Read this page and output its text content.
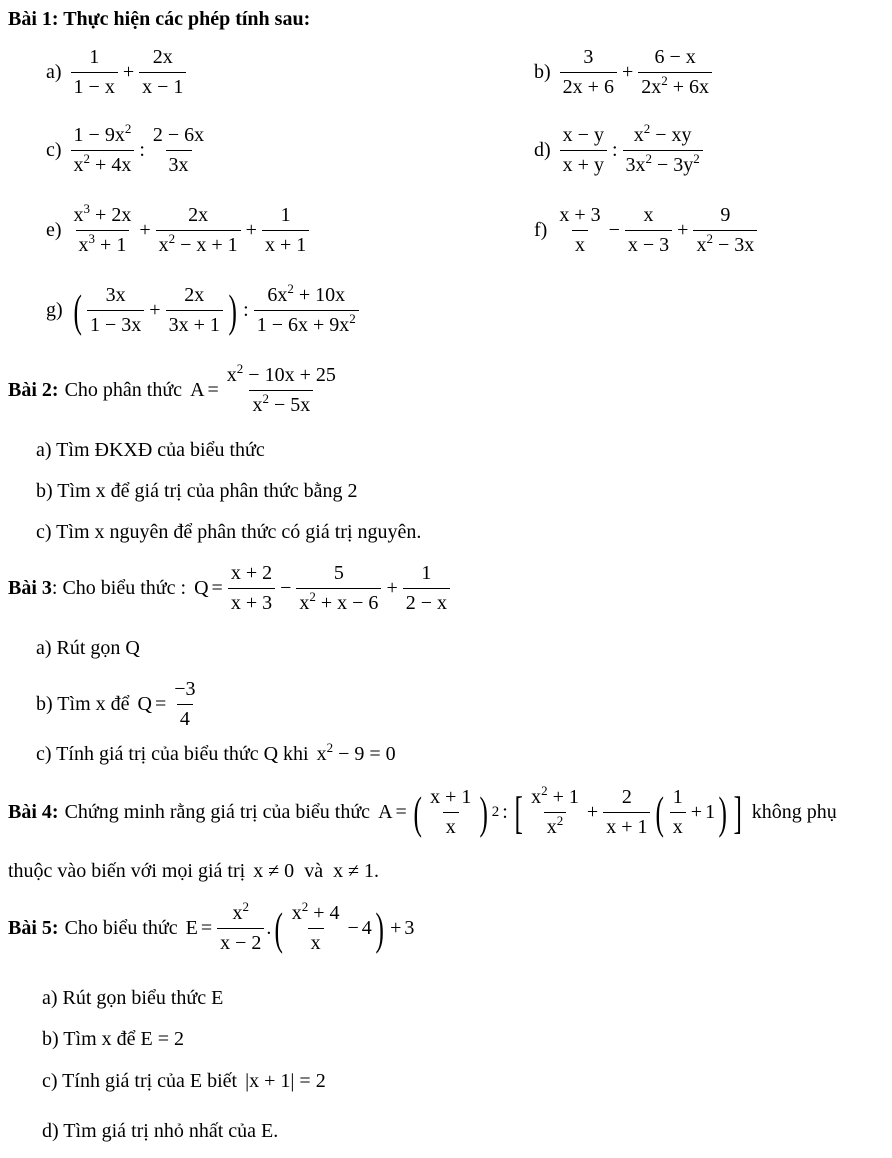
Bài 1: Thực hiện các phép tính sau:
$a) \frac{1}{1 - x} + \frac{2x}{x - 1}$	$b) \frac{3}{2x + 6} + \frac{6 - x}{2x^2 + 6x}$
$c) \frac{1 - 9x^2}{x^2 + 4x}$ : $\frac{2 - 6x}{3x}$	$d) \frac{x - y}{x + y}$ : $\frac{x^2 - xy}{3x^2 - 3y^2}$
$e) \frac{x^3 + 2x}{x^3 + 1} + \frac{2x}{x^2 - x + 1} + \frac{1}{x + 1}$	$f) \frac{x + 3}{x} - \frac{x}{x - 3} + \frac{9}{x^2 - 3x}$
g) ( $\frac{3x}{1 - 3x} + \frac{2x}{3x + 1}$ ) : $\frac{6x^2 + 10x}{1 - 6x + 9x^2}$
Bài 2: Cho phân thức $A = \frac{x^2 - 10x + 25}{x^2 - 5x}$
a) Tìm ĐKXĐ của biểu thức
b) Tìm x để giá trị của phân thức bằng 2
c) Tìm x nguyên để phân thức có giá trị nguyên.
Bài 3 : Cho biểu thức : $Q = \frac{x + 2}{x + 3} - \frac{5}{x^2 + x - 6} + \frac{1}{2 - x}$
a) Rút gọn Q
b) Tìm x để $Q = \frac{-3}{4}$
c) Tính giá trị của biểu thức Q khi $x^2 - 9 = 0$
Bài 4: Chứng minh rằng giá trị của biểu thức A = ( $\frac{x + 1}{x}$ ) 2 : [ $\frac{x^2 + 1}{x^2} + \frac{2}{x + 1}$ ( $\frac{1}{x} + 1$ ) ] không phụ
thuộc vào biến với mọi giá trị x ≠ 0 và x ≠ 1.
Bài 5: Cho biểu thức $E = \frac{x^2}{x - 2}$ . ( $\frac{x^2 + 4}{x} - 4$ ) + 3
a) Rút gọn biểu thức E
b) Tìm x để E = 2
c) Tính giá trị của E biết |x + 1| = 2
d) Tìm giá trị nhỏ nhất của E.
